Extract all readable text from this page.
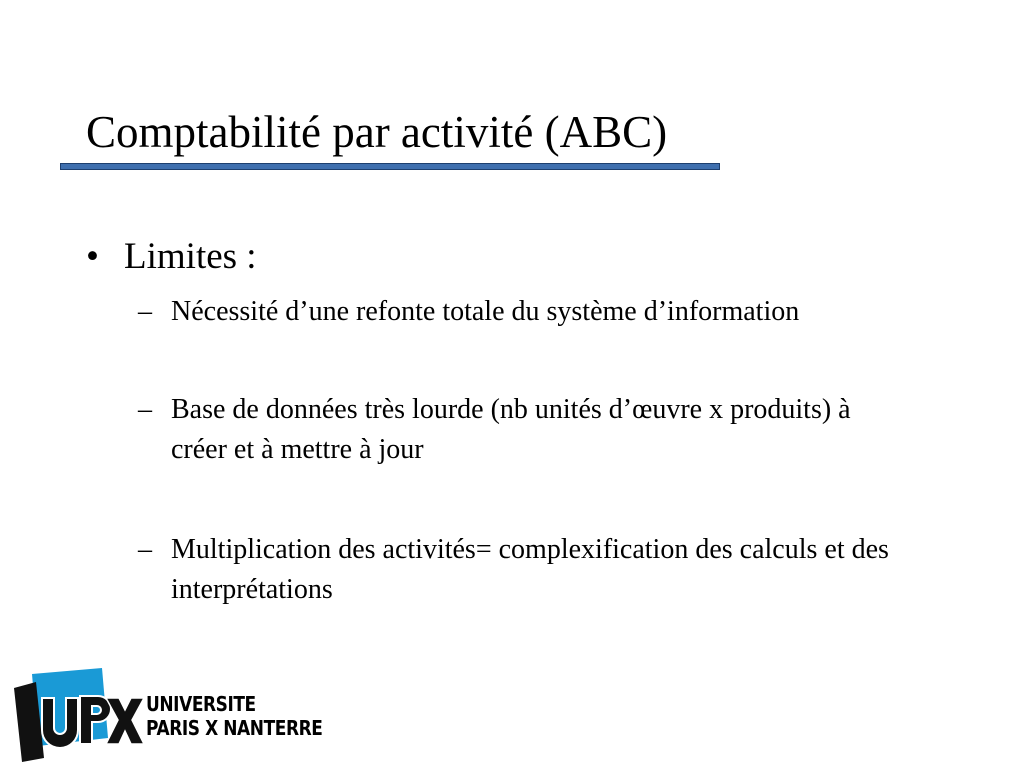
Comptabilité par activité (ABC)
• Limites :
– Nécessité d’une refonte totale du système d’information
– Base de données très lourde (nb unités d’œuvre x produits) à créer et à mettre à jour
– Multiplication des activités= complexification des calculs et des interprétations
UNIVERSITE
PARIS X NANTERRE
